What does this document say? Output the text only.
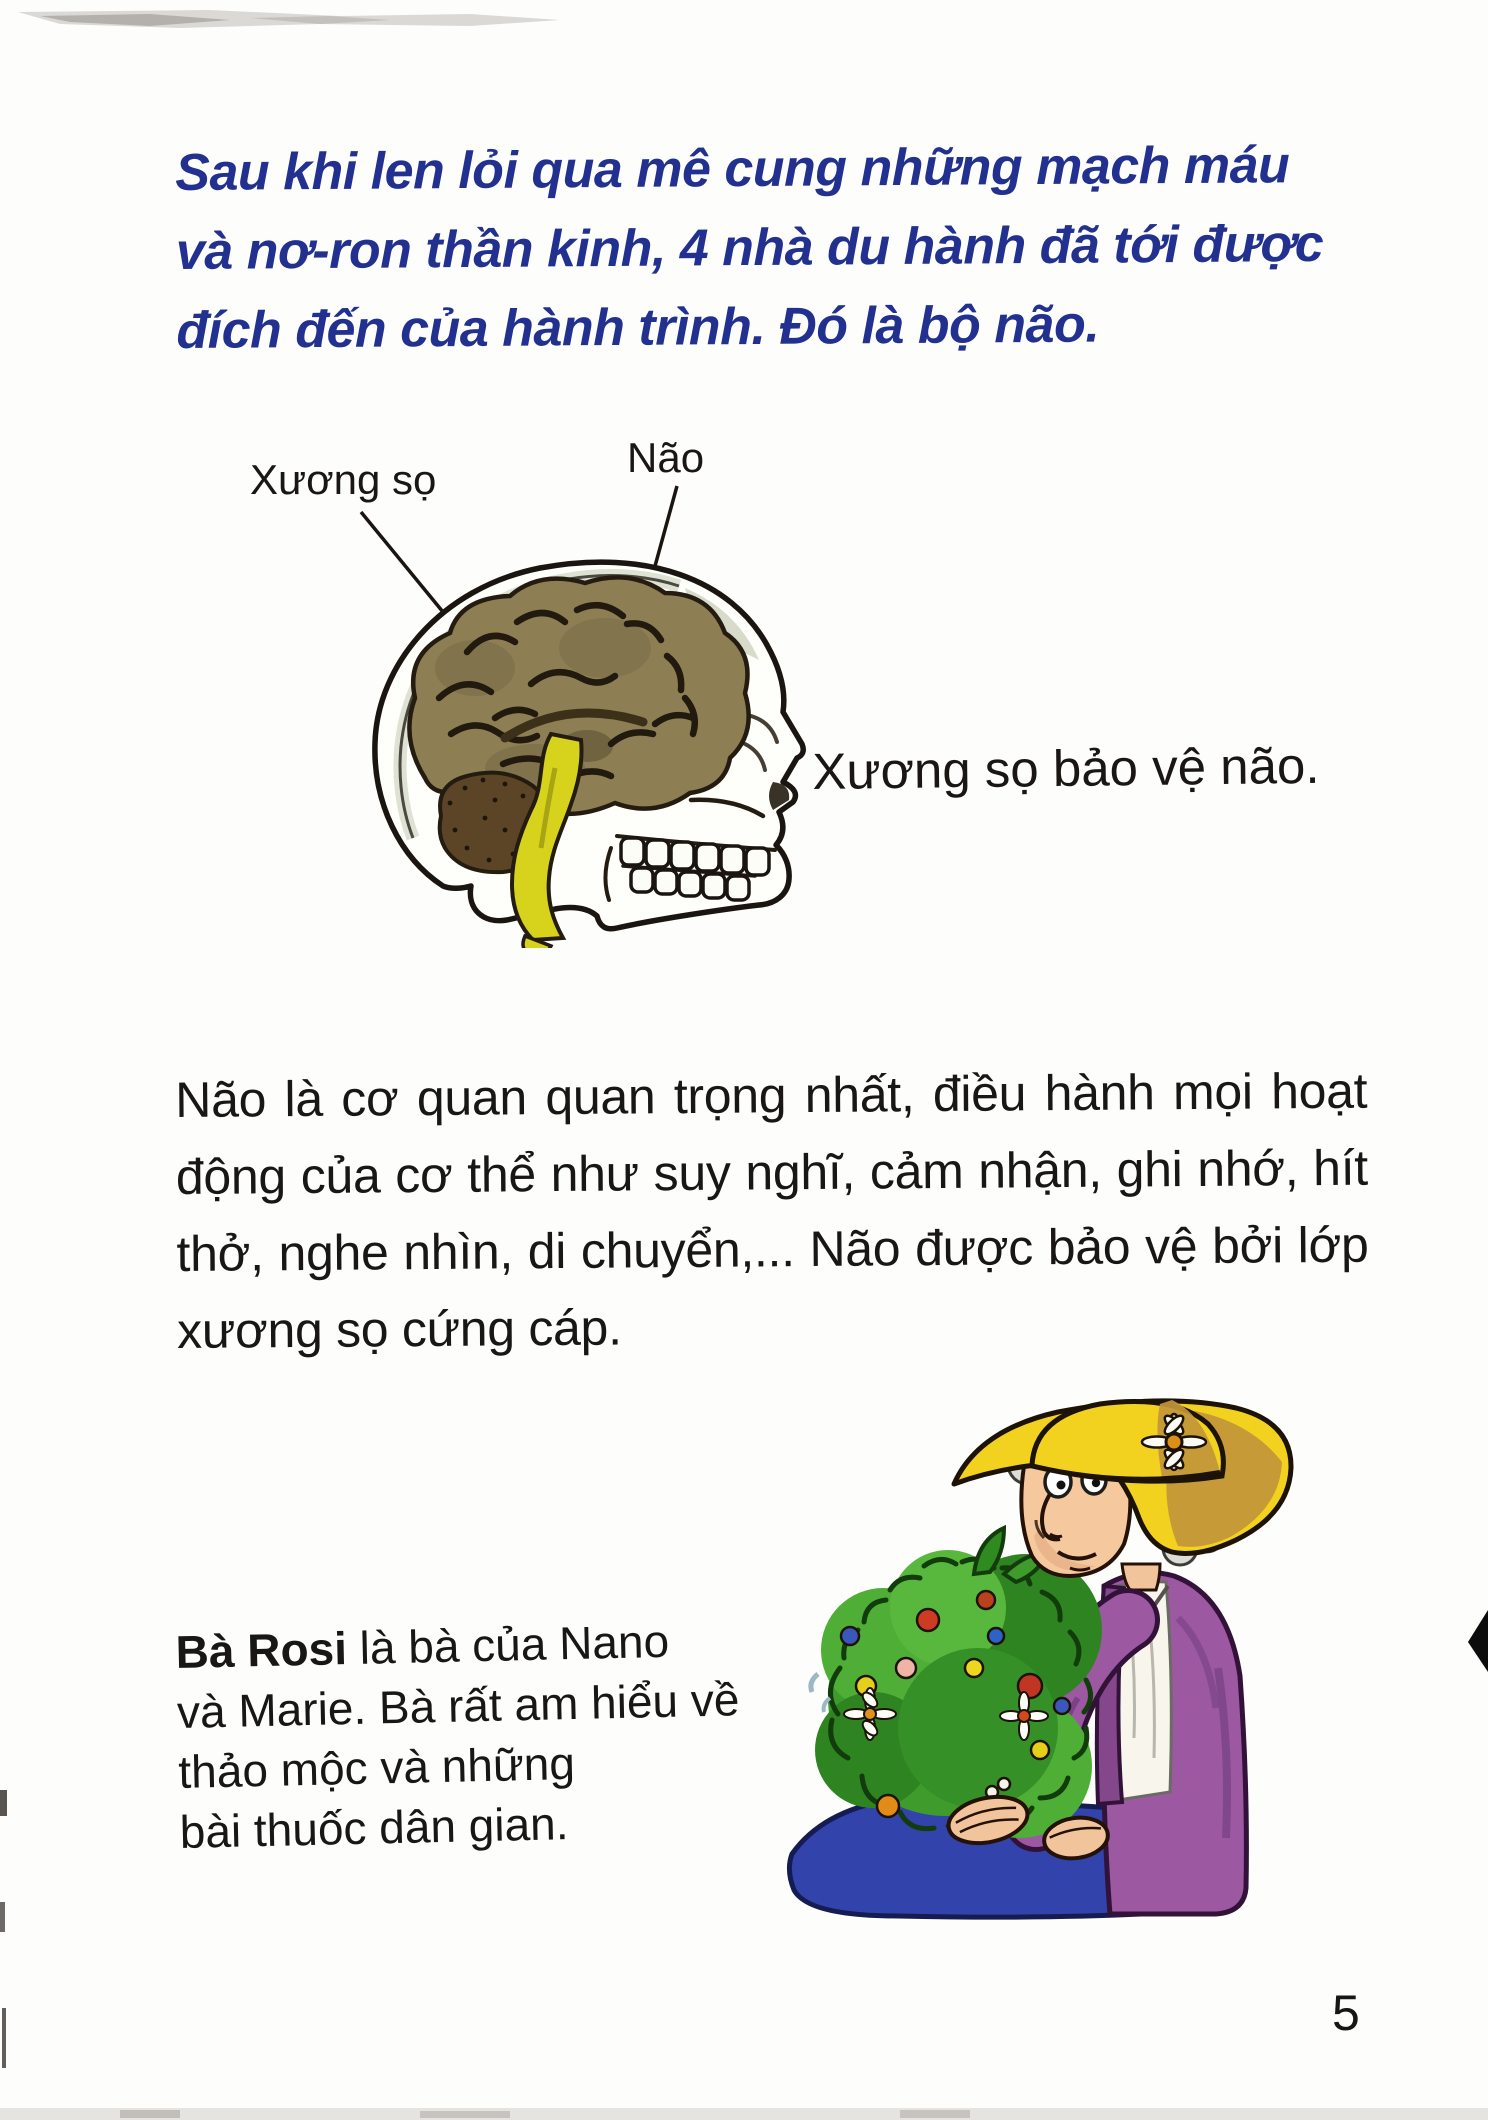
Sau khi len lỏi qua mê cung những mạch máu
và nơ-ron thần kinh, 4 nhà du hành đã tới được
đích đến của hành trình. Đó là bộ não.
Xương sọ	Não
Xương sọ bảo vệ não.
Não là cơ quan quan trọng nhất, điều hành mọi hoạt
động của cơ thể như suy nghĩ, cảm nhận, ghi nhớ, hít
thở, nghe nhìn, di chuyển,... Não được bảo vệ bởi lớp
xương sọ cứng cáp.
Bà Rosi là bà của Nano
và Marie. Bà rất am hiểu về
thảo mộc và những
bài thuốc dân gian.
5
